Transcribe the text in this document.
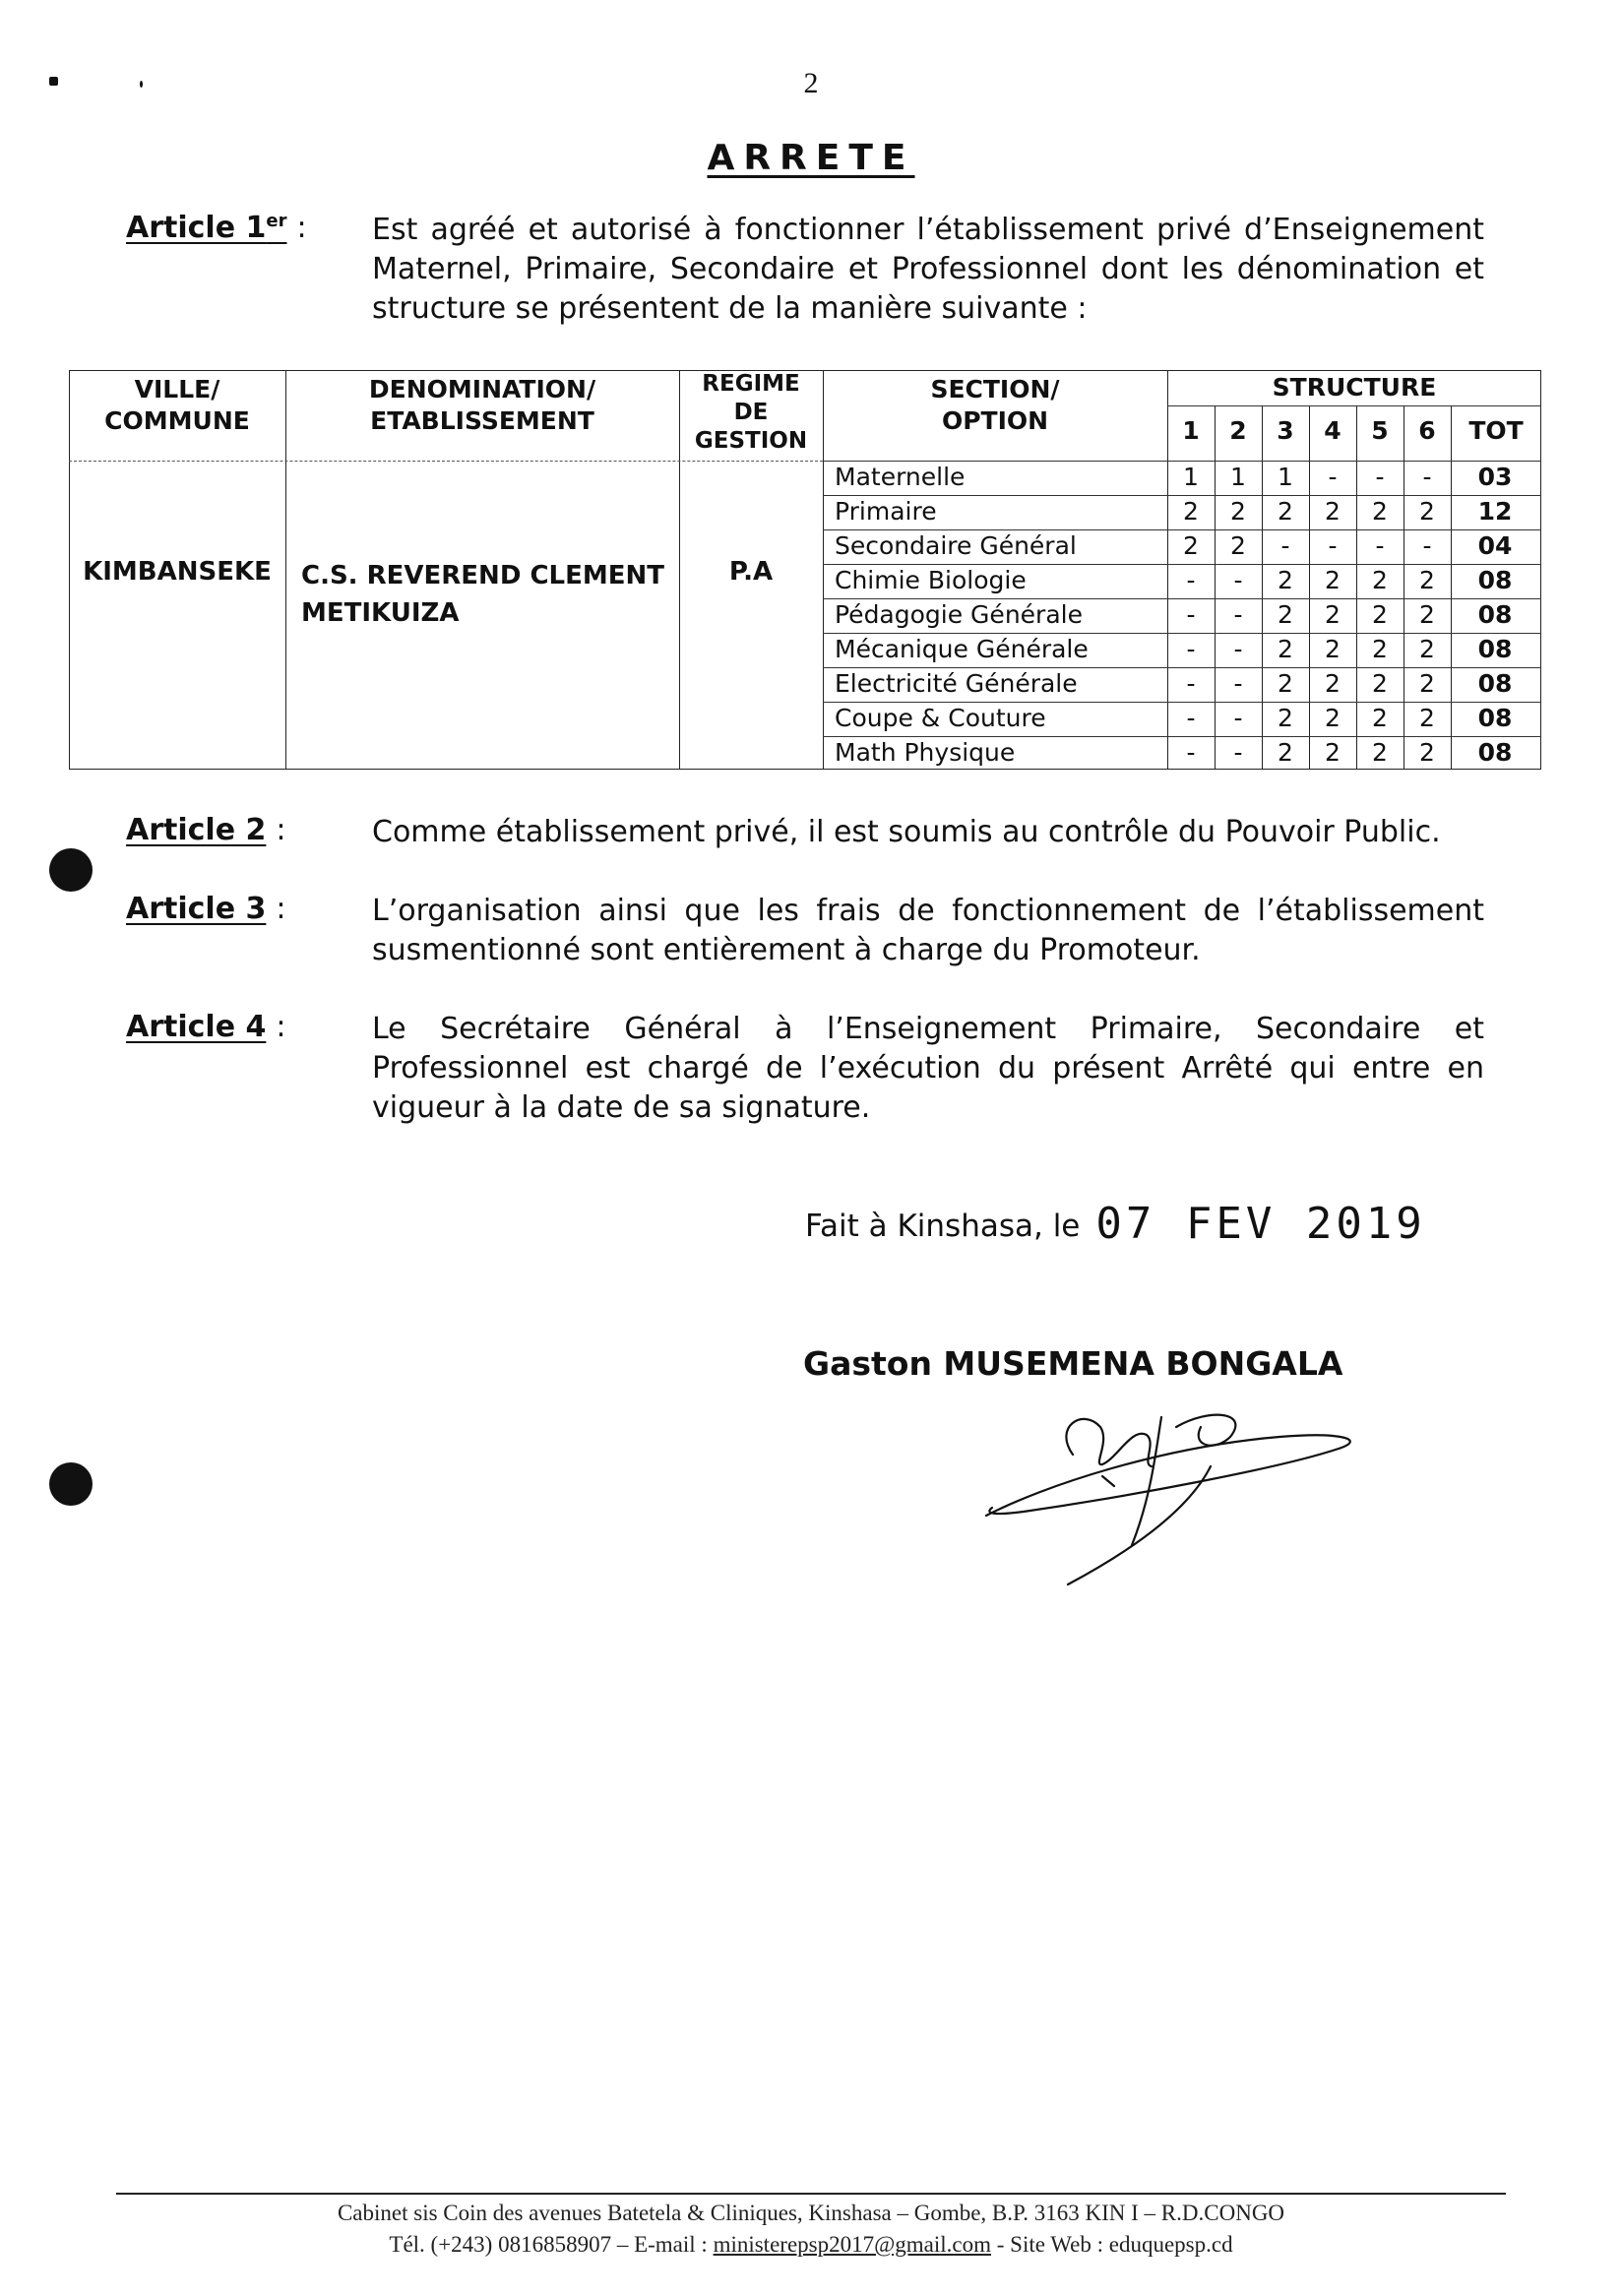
2
ARRETE
Article 1er : Est agréé et autorisé à fonctionner l’établissement privé d’Enseignement Maternel, Primaire, Secondaire et Professionnel dont les dénomination et structure se présentent de la manière suivante :
VILLE/
COMMUNE
DENOMINATION/
ETABLISSEMENT
REGIME
DE
GESTION
SECTION/
OPTION
STRUCTURE
1	2	3	4	5	6	TOT
KIMBANSEKE	C.S. REVEREND CLEMENT
METIKUIZA
P.A
Maternelle	1	1	1	-	-	-	03
Primaire	2	2	2	2	2	2	12
Secondaire Général	2	2	-	-	-	-	04
Chimie Biologie	-	-	2	2	2	2	08
Pédagogie Générale	-	-	2	2	2	2	08
Mécanique Générale	-	-	2	2	2	2	08
Electricité Générale	-	-	2	2	2	2	08
Coupe & Couture	-	-	2	2	2	2	08
Math Physique	-	-	2	2	2	2	08
Article 2 :	Comme établissement privé, il est soumis au contrôle du Pouvoir Public.
Article 3 :	L’organisation ainsi que les frais de fonctionnement de l’établissement susmentionné sont entièrement à charge du Promoteur.
Article 4 :	Le Secrétaire Général à l’Enseignement Primaire, Secondaire et Professionnel est chargé de l’exécution du présent Arrêté qui entre en vigueur à la date de sa signature.
Fait à Kinshasa, le 07 FEV 2019
Gaston MUSEMENA BONGALA
Cabinet sis Coin des avenues Batetela & Cliniques, Kinshasa – Gombe, B.P. 3163 KIN I – R.D.CONGO
Tél. (+243) 0816858907 – E-mail : ministerepsp2017@gmail.com - Site Web : eduquepsp.cd
